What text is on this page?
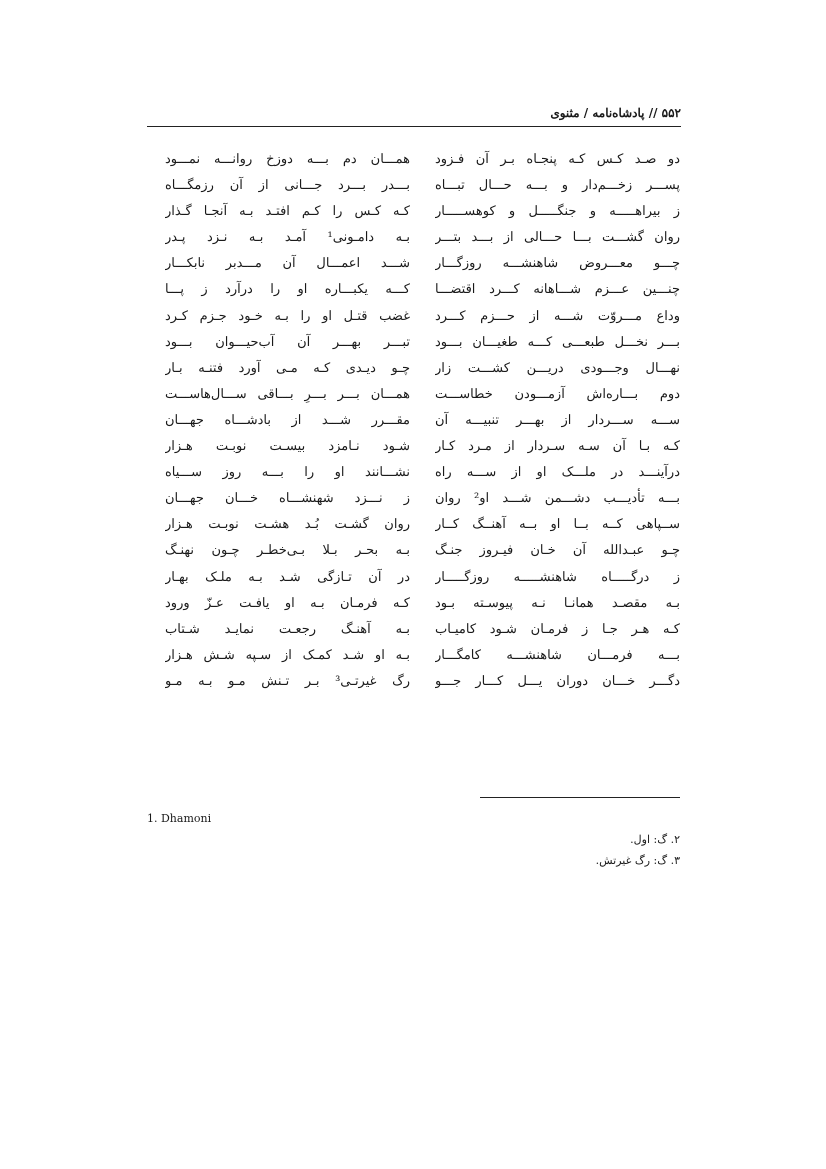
۵۵۲ // پادشاه‌نامه / مثنوی
دو صـد کـس کـه پنجـاه بـر آن فـزود
پســـر زخـــم‌دار و بـــه حـــال تبـــاه
ز بیراهـــــه و جنگـــــل و کوهســـــار
روان گشـــت بـــا حـــالی از بـــد بتـــر
چـــو معـــروض شاهنشـــه روزگـــار
چنـــین عـــزم شـــاهانه کـــرد اقتضـــا
وداع مـــروّت شـــه از حـــزم کـــرد
بـــر نخـــل طبعـــی کـــه طغیـــان بـــود
نهـــال وجـــودی دریـــن کشـــت زار
دوم بـــاره‌اش آزمـــودن خطاســـت
ســـه ســـردار از بهـــر تنبیـــه آن
کـه بـا آن سـه سـردار از مـرد کـار
درآینـــد در ملـــک او از ســـه راه
بـــه تأدیـــب دشـــمن شـــد او² روان
ســپاهی کــه بــا او بــه آهنــگ کــار
چـو عبـدالله آن خـان فیـروز جنـگ
ز درگـــــاه شاهنشـــــه روزگـــــار
بـه مقصـد همانـا نـه پیوسـته بـود
کـه هـر جـا ز فرمـان شـود کامیـاب
بـــه فرمـــان شاهنشـــه کامگـــار
دگـــر خـــان دوران یـــل کـــار جـــو
همـــان دم بـــه دوزخ روانـــه نمـــود
بـــدر بـــرد جـــانی از آن رزمگـــاه
کـه کـس را کـم افتـد بـه آنجـا گـذار
بـه دامـونی¹ آمـد بـه نـزد پـدر
شـــد اعمـــال آن مـــدبر نابکـــار
کـــه یکبـــاره او را درآرد ز پـــا
غضب قتـل او را بـه خـود جـزم کـرد
تبـــر بهـــر آن آب‌حیـــوان بـــود
چـو دیـدی کـه مـی آورد فتنـه بـار
همـــان بـــر بـــرِ بـــاقی ســـال‌هاســـت
مقـــرر شـــد از بادشـــاه جهـــان
شـود نـامزد بیسـت نوبـت هـزار
نشـــانند او را بـــه روز ســـیاه
ز نـــزد شهنشـــاه خـــان جهـــان
روان گشـت بُـد هشـت نوبـت هـزار
بـه بحـر بـلا بـی‌خطـر چـون نهنـگ
در آن تـازگی شـد بـه ملـک بهـار
کـه فرمـان بـه او یافـت عـزّ ورود
بـه آهنـگ رجعـت نمایـد شـتاب
بـه او شـد کمـک از سـپه شـش هـزار
رگ غیرتـی³ بـر تـنش مـو بـه مـو
1. Dhamoni
۲. گ: اول.
۳. گ: رگ غیرتش.
